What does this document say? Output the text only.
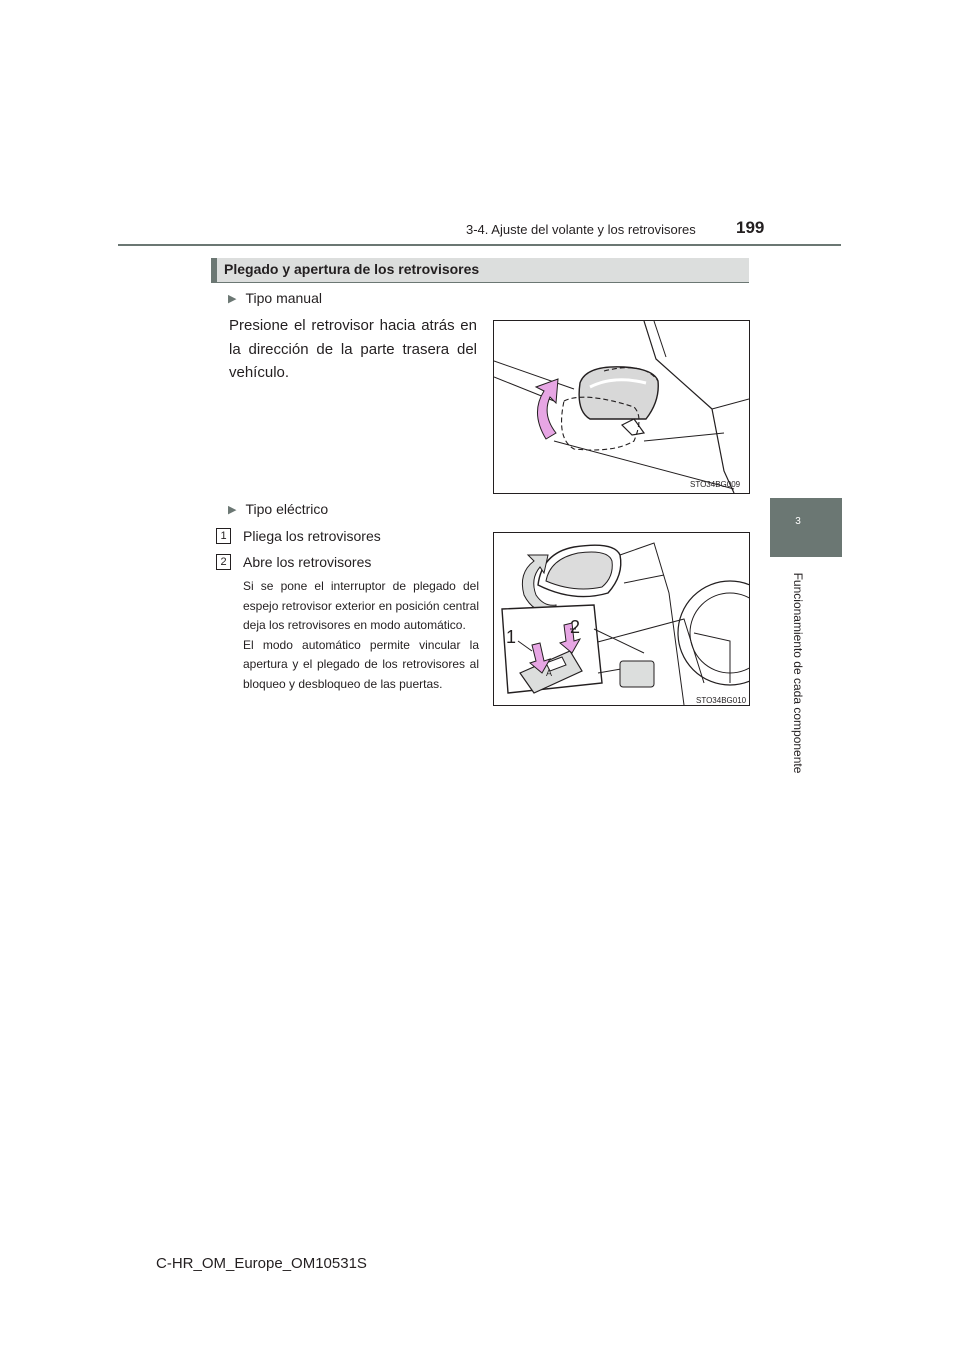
3-4. Ajuste del volante y los retrovisores 199
3
Funcionamiento de cada componente
Plegado y apertura de los retrovisores
▶ Tipo manual
Presione el retrovisor hacia atrás en la dirección de la parte trasera del vehículo.
STO34BG009
▶ Tipo eléctrico
1	Pliega los retrovisores
2	Abre los retrovisores

Si se pone el interruptor de plegado del espejo retrovisor exterior en posición central deja los retrovisores en modo automático.

El modo automático permite vincular la apertura y el plegado de los retrovisores al bloqueo y desbloqueo de las puertas.

A
1	2
STO34BG010
C-HR_OM_Europe_OM10531S
